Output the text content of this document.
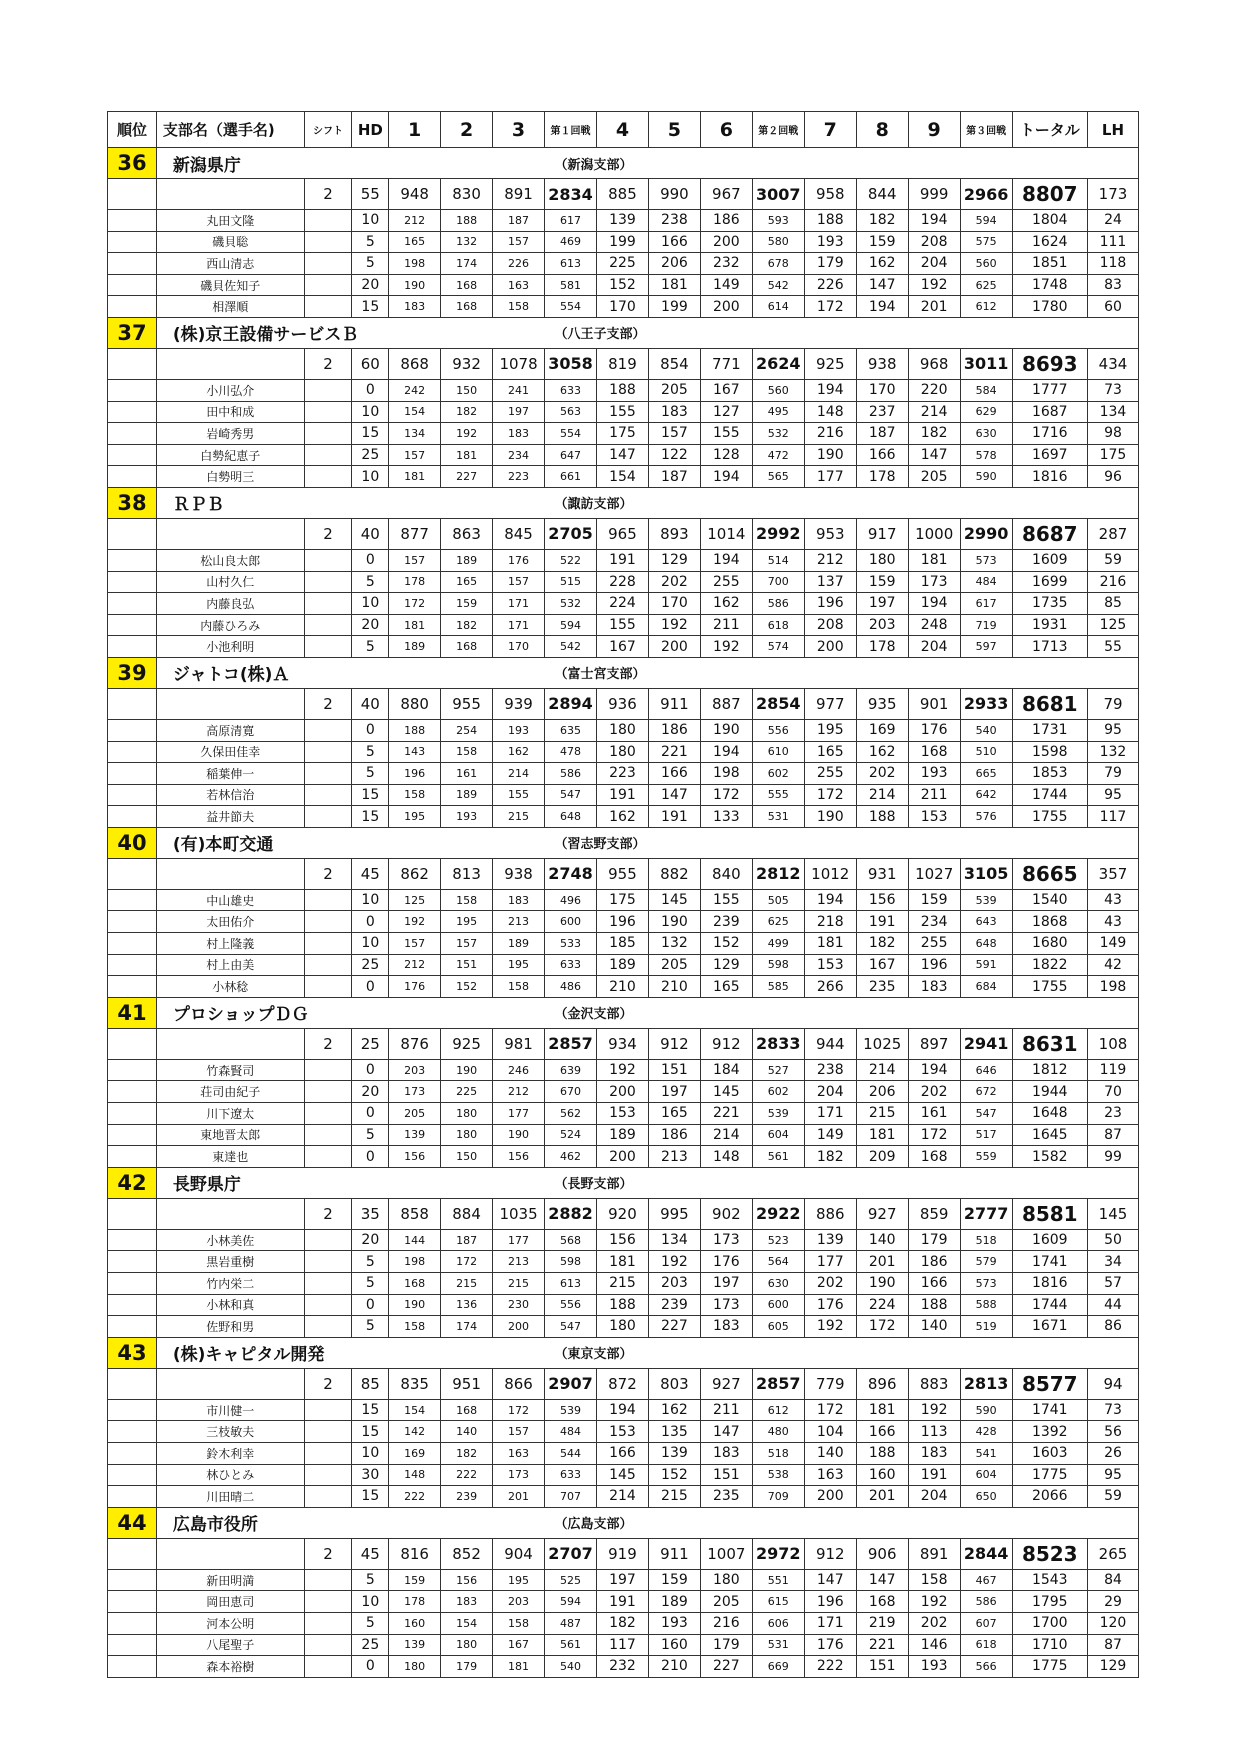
順位	支部名（選手名)	シフト	HD	1	2	3	第１回戦	4	5	6	第２回戦	7	8	9	第３回戦	トータル	LH
36	新潟県庁						（新潟支部）										
		2	55	948	830	891	2834	885	990	967	3007	958	844	999	2966	8807	173
	丸田文隆		10	212	188	187	617	139	238	186	593	188	182	194	594	1804	24
	磯貝聡		5	165	132	157	469	199	166	200	580	193	159	208	575	1624	111
	西山清志		5	198	174	226	613	225	206	232	678	179	162	204	560	1851	118
	磯貝佐知子		20	190	168	163	581	152	181	149	542	226	147	192	625	1748	83
	相澤順		15	183	168	158	554	170	199	200	614	172	194	201	612	1780	60
37	(株)京王設備サービスＢ						（八王子支部）										
		2	60	868	932	1078	3058	819	854	771	2624	925	938	968	3011	8693	434
	小川弘介		0	242	150	241	633	188	205	167	560	194	170	220	584	1777	73
	田中和成		10	154	182	197	563	155	183	127	495	148	237	214	629	1687	134
	岩崎秀男		15	134	192	183	554	175	157	155	532	216	187	182	630	1716	98
	白勢紀恵子		25	157	181	234	647	147	122	128	472	190	166	147	578	1697	175
	白勢明三		10	181	227	223	661	154	187	194	565	177	178	205	590	1816	96
38	ＲＰＢ						（諏訪支部）										
		2	40	877	863	845	2705	965	893	1014	2992	953	917	1000	2990	8687	287
	松山良太郎		0	157	189	176	522	191	129	194	514	212	180	181	573	1609	59
	山村久仁		5	178	165	157	515	228	202	255	700	137	159	173	484	1699	216
	内藤良弘		10	172	159	171	532	224	170	162	586	196	197	194	617	1735	85
	内藤ひろみ		20	181	182	171	594	155	192	211	618	208	203	248	719	1931	125
	小池利明		5	189	168	170	542	167	200	192	574	200	178	204	597	1713	55
39	ジャトコ(株)Ａ						（富士宮支部）										
		2	40	880	955	939	2894	936	911	887	2854	977	935	901	2933	8681	79
	高原清寛		0	188	254	193	635	180	186	190	556	195	169	176	540	1731	95
	久保田佳幸		5	143	158	162	478	180	221	194	610	165	162	168	510	1598	132
	稲葉伸一		5	196	161	214	586	223	166	198	602	255	202	193	665	1853	79
	若林信治		15	158	189	155	547	191	147	172	555	172	214	211	642	1744	95
	益井節夫		15	195	193	215	648	162	191	133	531	190	188	153	576	1755	117
40	(有)本町交通						（習志野支部）										
		2	45	862	813	938	2748	955	882	840	2812	1012	931	1027	3105	8665	357
	中山雄史		10	125	158	183	496	175	145	155	505	194	156	159	539	1540	43
	太田佑介		0	192	195	213	600	196	190	239	625	218	191	234	643	1868	43
	村上隆義		10	157	157	189	533	185	132	152	499	181	182	255	648	1680	149
	村上由美		25	212	151	195	633	189	205	129	598	153	167	196	591	1822	42
	小林稔		0	176	152	158	486	210	210	165	585	266	235	183	684	1755	198
41	プロショップＤＧ						（金沢支部）										
		2	25	876	925	981	2857	934	912	912	2833	944	1025	897	2941	8631	108
	竹森賢司		0	203	190	246	639	192	151	184	527	238	214	194	646	1812	119
	荘司由紀子		20	173	225	212	670	200	197	145	602	204	206	202	672	1944	70
	川下遼太		0	205	180	177	562	153	165	221	539	171	215	161	547	1648	23
	東地晋太郎		5	139	180	190	524	189	186	214	604	149	181	172	517	1645	87
	東達也		0	156	150	156	462	200	213	148	561	182	209	168	559	1582	99
42	長野県庁						（長野支部）										
		2	35	858	884	1035	2882	920	995	902	2922	886	927	859	2777	8581	145
	小林美佐		20	144	187	177	568	156	134	173	523	139	140	179	518	1609	50
	黒岩重樹		5	198	172	213	598	181	192	176	564	177	201	186	579	1741	34
	竹内栄二		5	168	215	215	613	215	203	197	630	202	190	166	573	1816	57
	小林和真		0	190	136	230	556	188	239	173	600	176	224	188	588	1744	44
	佐野和男		5	158	174	200	547	180	227	183	605	192	172	140	519	1671	86
43	(株)キャピタル開発						（東京支部）										
		2	85	835	951	866	2907	872	803	927	2857	779	896	883	2813	8577	94
	市川健一		15	154	168	172	539	194	162	211	612	172	181	192	590	1741	73
	三枝敏夫		15	142	140	157	484	153	135	147	480	104	166	113	428	1392	56
	鈴木利幸		10	169	182	163	544	166	139	183	518	140	188	183	541	1603	26
	林ひとみ		30	148	222	173	633	145	152	151	538	163	160	191	604	1775	95
	川田晴二		15	222	239	201	707	214	215	235	709	200	201	204	650	2066	59
44	広島市役所						（広島支部）										
		2	45	816	852	904	2707	919	911	1007	2972	912	906	891	2844	8523	265
	新田明満		5	159	156	195	525	197	159	180	551	147	147	158	467	1543	84
	岡田恵司		10	178	183	203	594	191	189	205	615	196	168	192	586	1795	29
	河本公明		5	160	154	158	487	182	193	216	606	171	219	202	607	1700	120
	八尾聖子		25	139	180	167	561	117	160	179	531	176	221	146	618	1710	87
	森本裕樹		0	180	179	181	540	232	210	227	669	222	151	193	566	1775	129
